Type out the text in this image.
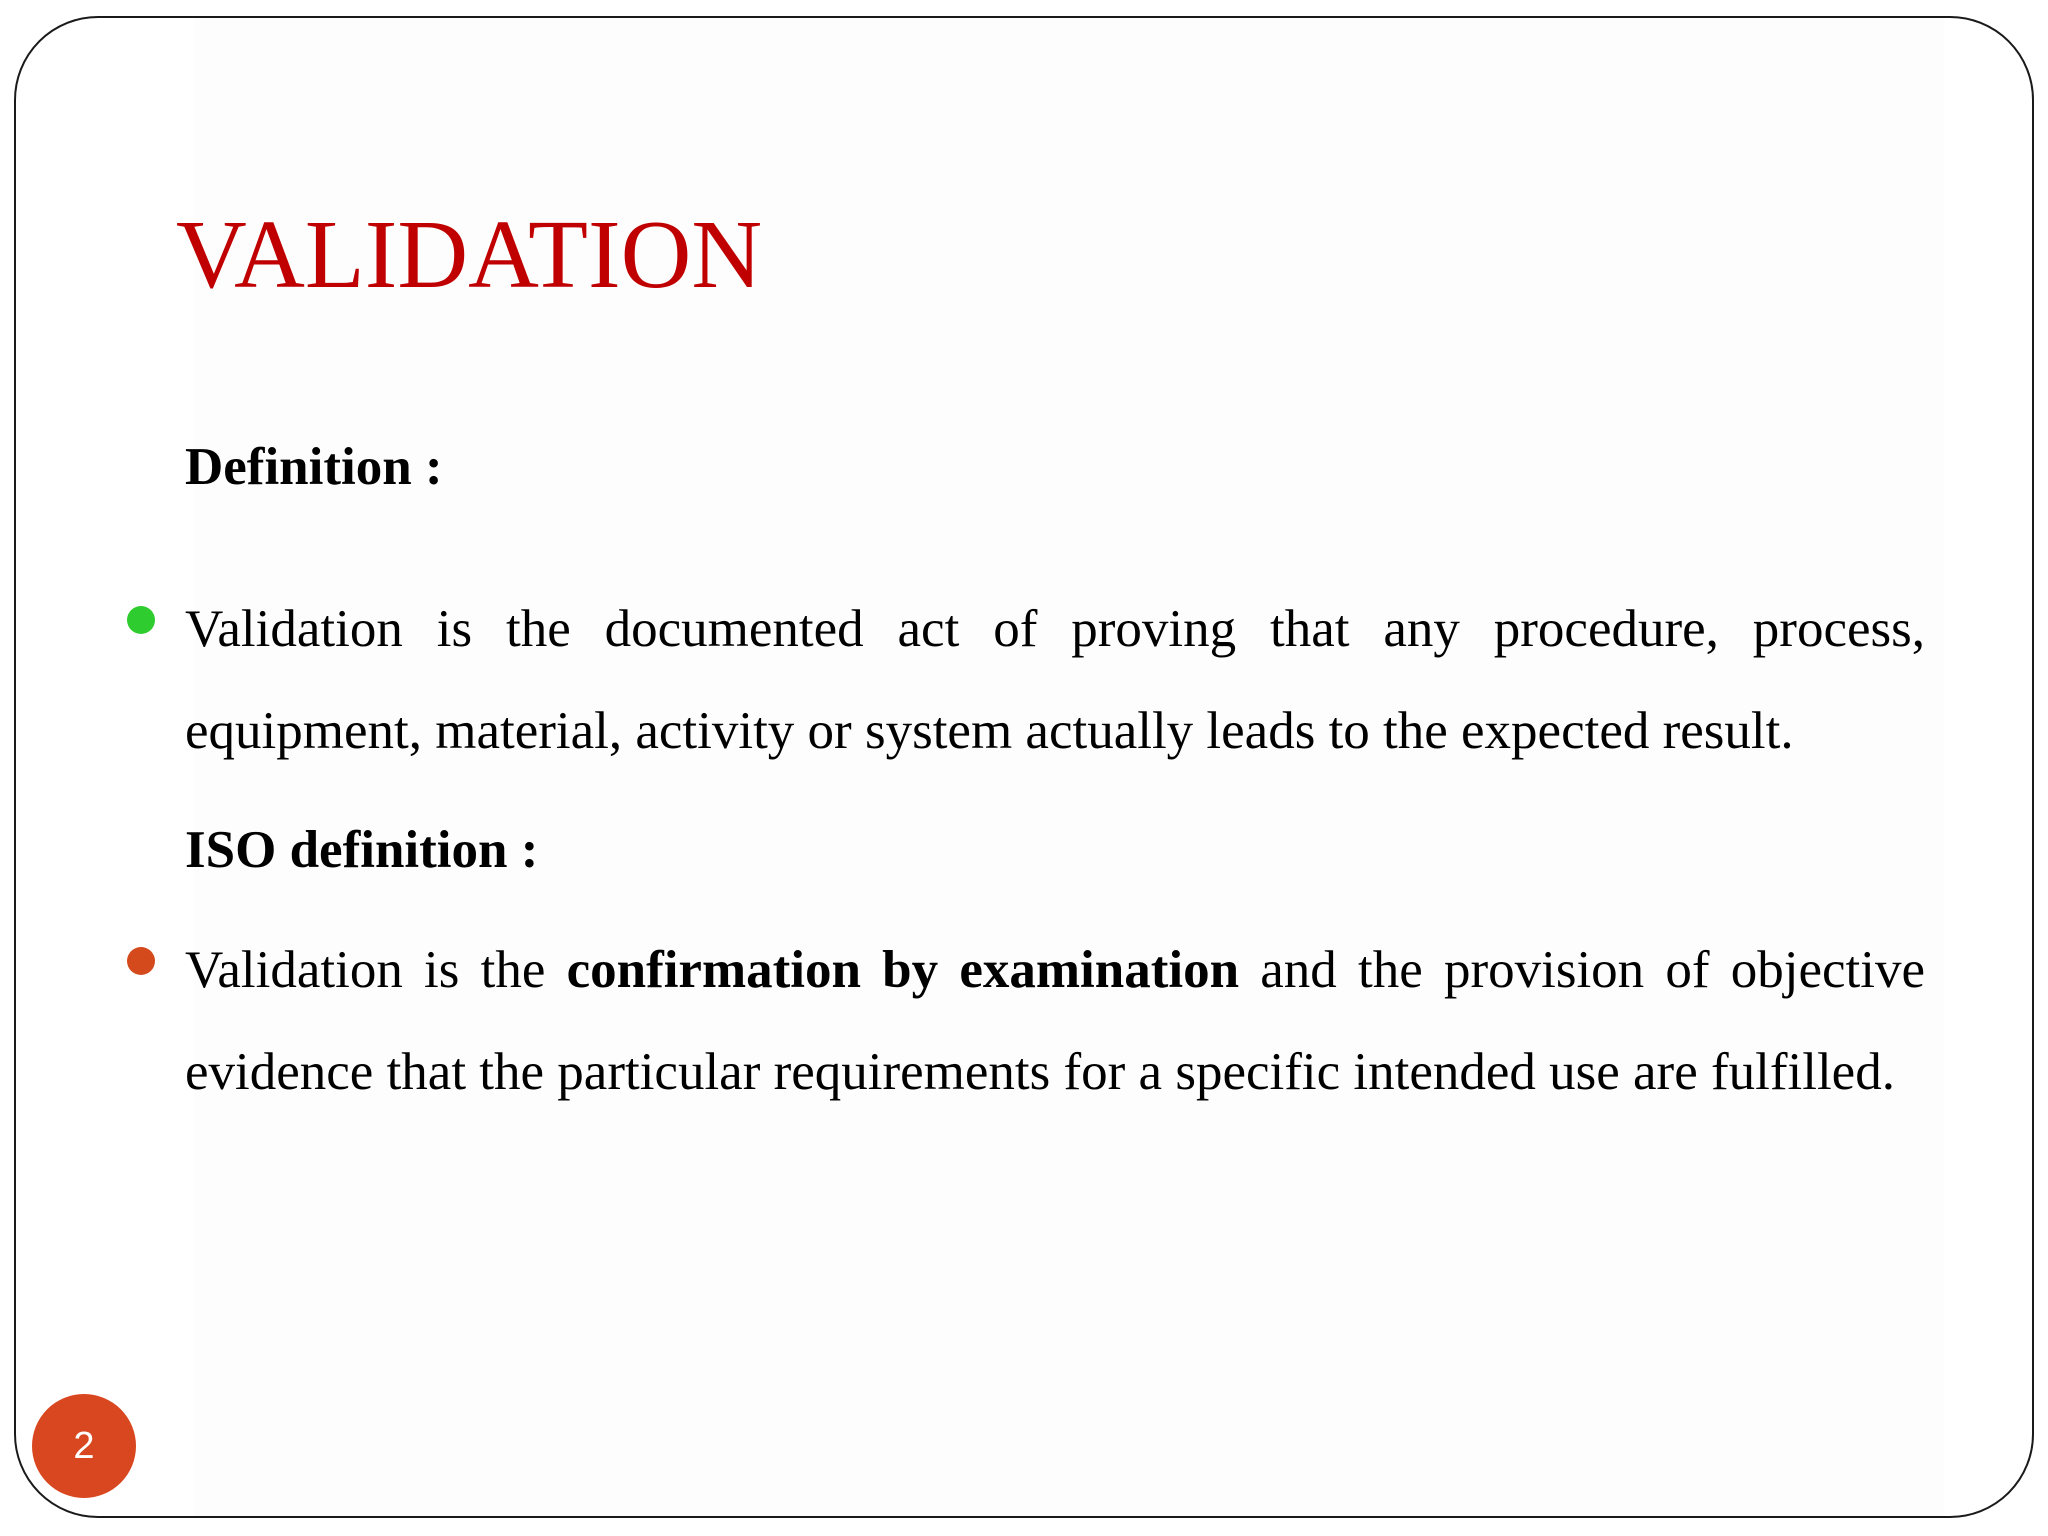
VALIDATION

Definition :

Validation is the documented act of proving that any procedure, process, equipment, material, activity or system actually leads to the expected result.

ISO definition :

Validation is the confirmation by examination and the provision of objective evidence that the particular requirements for a specific intended use are fulfilled.

2
